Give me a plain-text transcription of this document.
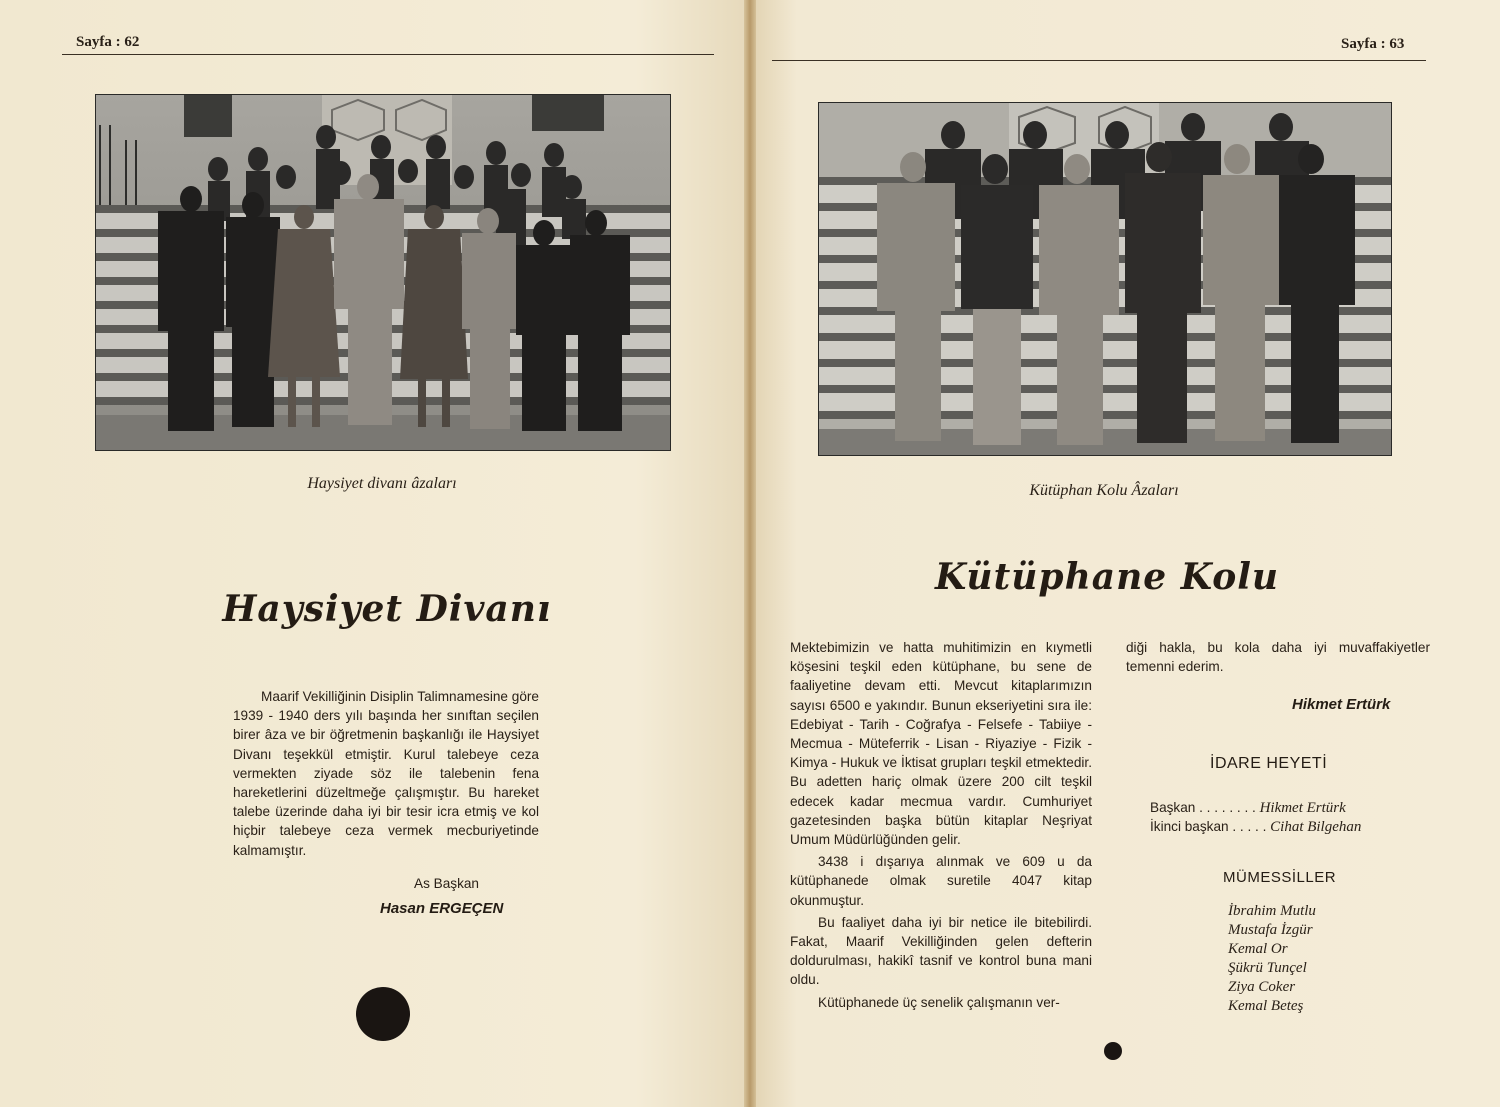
Sayfa : 62
Haysiyet divanı âzaları
Haysiyet Divanı

Maarif Vekilliğinin Disiplin Talimnamesine göre 1939 - 1940 ders yılı başında her sınıftan seçilen birer âza ve bir öğretmenin başkanlığı ile Haysiyet Divanı teşekkül etmiştir. Kurul talebeye ceza vermekten ziyade söz ile talebenin fena hareketlerini düzeltmeğe çalışmıştır. Bu hareket talebe üzerinde daha iyi bir tesir icra etmiş ve kol hiçbir talebeye ceza vermek mecburiyetinde kalmamıştır.

As Başkan
Hasan ERGEÇEN
Sayfa : 63
Kütüphan Kolu Âzaları
Kütüphane Kolu

Mektebimizin ve hatta muhitimizin en kıymetli köşesini teşkil eden kütüphane, bu sene de faaliyetine devam etti. Mevcut kitaplarımızın sayısı 6500 e yakındır. Bunun ekseriyetini sıra ile: Edebiyat - Tarih - Coğrafya - Felsefe - Tabiiye - Mecmua - Müteferrik - Lisan - Riyaziye - Fizik - Kimya - Hukuk ve İktisat grupları teşkil etmektedir. Bu adetten hariç olmak üzere 200 cilt teşkil edecek kadar mecmua vardır. Cumhuriyet gazetesinden başka bütün kitaplar Neşriyat Umum Müdürlüğünden gelir.

3438 i dışarıya alınmak ve 609 u da kütüphanede olmak suretile 4047 kitap okunmuştur.

Bu faaliyet daha iyi bir netice ile bitebilirdi. Fakat, Maarif Vekilliğinden gelen defterin doldurulması, hakikî tasnif ve kontrol buna mani oldu.

Kütüphanede üç senelik çalışmanın ver-

diği hakla, bu kola daha iyi muvaffakiyetler temenni ederim.

Hikmet Ertürk
İDARE HEYETİ
Başkan . . . . . . . . Hikmet Ertürk
İkinci başkan . . . . . Cihat Bilgehan
MÜMESSİLLER
İbrahim Mutlu
Mustafa İzgür
Kemal Or
Şükrü Tunçel
Ziya Coker
Kemal Beteş
